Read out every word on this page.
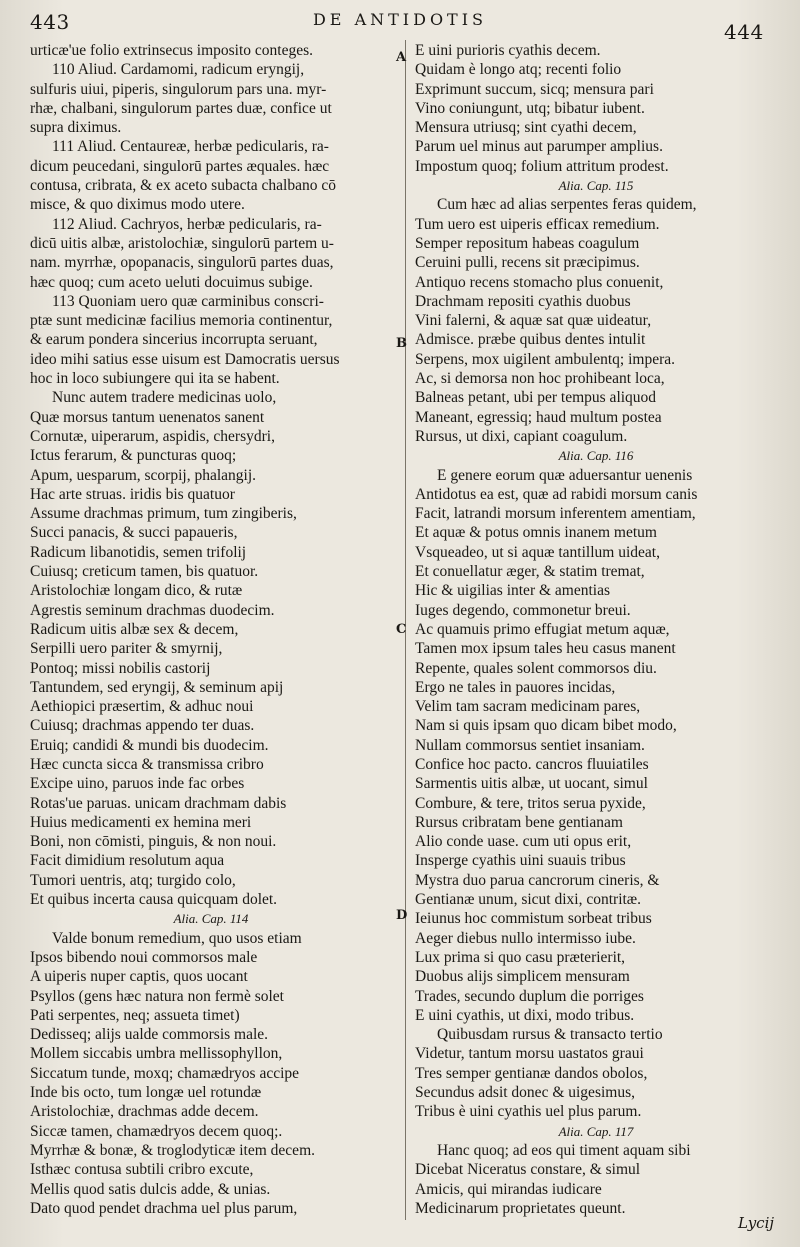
443	DE ANTIDOTIS
444
A
B
C
D
urticæ'ue folio extrinsecus imposito conteges.
110 Aliud. Cardamomi, radicum eryngij,
sulfuris uiui, piperis, singulorum pars una. myr-
rhæ, chalbani, singulorum partes duæ, confice ut
supra diximus.
111 Aliud. Centaureæ, herbæ pedicularis, ra-
dicum peucedani, singulorū partes æquales. hæc
contusa, cribrata, & ex aceto subacta chalbano cō
misce, & quo diximus modo utere.
112 Aliud. Cachryos, herbæ pedicularis, ra-
dicū uitis albæ, aristolochiæ, singulorū partem u-
nam. myrrhæ, opopanacis, singulorū partes duas,
hæc quoq; cum aceto ueluti docuimus subige.
113 Quoniam uero quæ carminibus conscri-
ptæ sunt medicinæ facilius memoria continentur,
& earum pondera sincerius incorrupta seruant,
ideo mihi satius esse uisum est Damocratis uersus
hoc in loco subiungere qui ita se habent.
Nunc autem tradere medicinas uolo,
Quæ morsus tantum uenenatos sanent
Cornutæ, uiperarum, aspidis, chersydri,
Ictus ferarum, & puncturas quoq;
Apum, uesparum, scorpij, phalangij.
Hac arte struas. iridis bis quatuor
Assume drachmas primum, tum zingiberis,
Succi panacis, & succi papaueris,
Radicum libanotidis, semen trifolij
Cuiusq; creticum tamen, bis quatuor.
Aristolochiæ longam dico, & rutæ
Agrestis seminum drachmas duodecim.
Radicum uitis albæ sex & decem,
Serpilli uero pariter & smyrnij,
Pontoq; missi nobilis castorij
Tantundem, sed eryngij, & seminum apij
Aethiopici præsertim, & adhuc noui
Cuiusq; drachmas appendo ter duas.
Eruiq; candidi & mundi bis duodecim.
Hæc cuncta sicca & transmissa cribro
Excipe uino, paruos inde fac orbes
Rotas'ue paruas. unicam drachmam dabis
Huius medicamenti ex hemina meri
Boni, non cōmisti, pinguis, & non noui.
Facit dimidium resolutum aqua
Tumori uentris, atq; turgido colo,
Et quibus incerta causa quicquam dolet.
Alia. Cap. 114
Valde bonum remedium, quo usos etiam
Ipsos bibendo noui commorsos male
A uiperis nuper captis, quos uocant
Psyllos (gens hæc natura non fermè solet
Pati serpentes, neq; assueta timet)
Dedisseq; alijs ualde commorsis male.
Mollem siccabis umbra mellissophyllon,
Siccatum tunde, moxq; chamædryos accipe
Inde bis octo, tum longæ uel rotundæ
Aristolochiæ, drachmas adde decem.
Siccæ tamen, chamædryos decem quoq;.
Myrrhæ & bonæ, & troglodyticæ item decem.
Isthæc contusa subtili cribro excute,
Mellis quod satis dulcis adde, & unias.
Dato quod pendet drachma uel plus parum,
E uini purioris cyathis decem.
Quidam è longo atq; recenti folio
Exprimunt succum, sicq; mensura pari
Vino coniungunt, utq; bibatur iubent.
Mensura utriusq; sint cyathi decem,
Parum uel minus aut parumper amplius.
Impostum quoq; folium attritum prodest.
Alia. Cap. 115
Cum hæc ad alias serpentes feras quidem,
Tum uero est uiperis efficax remedium.
Semper repositum habeas coagulum
Ceruini pulli, recens sit præcipimus.
Antiquo recens stomacho plus conuenit,
Drachmam repositi cyathis duobus
Vini falerni, & aquæ sat quæ uideatur,
Admisce. præbe quibus dentes intulit
Serpens, mox uigilent ambulentq; impera.
Ac, si demorsa non hoc prohibeant loca,
Balneas petant, ubi per tempus aliquod
Maneant, egressiq; haud multum postea
Rursus, ut dixi, capiant coagulum.
Alia. Cap. 116
E genere eorum quæ aduersantur uenenis
Antidotus ea est, quæ ad rabidi morsum canis
Facit, latrandi morsum inferentem amentiam,
Et aquæ & potus omnis inanem metum
Vsqueadeo, ut si aquæ tantillum uideat,
Et conuellatur æger, & statim tremat,
Hic & uigilias inter & amentias
Iuges degendo, commonetur breui.
Ac quamuis primo effugiat metum aquæ,
Tamen mox ipsum tales heu casus manent
Repente, quales solent commorsos diu.
Ergo ne tales in pauores incidas,
Velim tam sacram medicinam pares,
Nam si quis ipsam quo dicam bibet modo,
Nullam commorsus sentiet insaniam.
Confice hoc pacto. cancros fluuiatiles
Sarmentis uitis albæ, ut uocant, simul
Combure, & tere, tritos serua pyxide,
Rursus cribratam bene gentianam
Alio conde uase. cum uti opus erit,
Insperge cyathis uini suauis tribus
Mystra duo parua cancrorum cineris, &
Gentianæ unum, sicut dixi, contritæ.
Ieiunus hoc commistum sorbeat tribus
Aeger diebus nullo intermisso iube.
Lux prima si quo casu præterierit,
Duobus alijs simplicem mensuram
Trades, secundo duplum die porriges
E uini cyathis, ut dixi, modo tribus.
Quibusdam rursus & transacto tertio
Videtur, tantum morsu uastatos graui
Tres semper gentianæ dandos obolos,
Secundus adsit donec & uigesimus,
Tribus è uini cyathis uel plus parum.
Alia. Cap. 117
Hanc quoq; ad eos qui timent aquam sibi
Dicebat Niceratus constare, & simul
Amicis, qui mirandas iudicare
Medicinarum proprietates queunt.
Lycij
